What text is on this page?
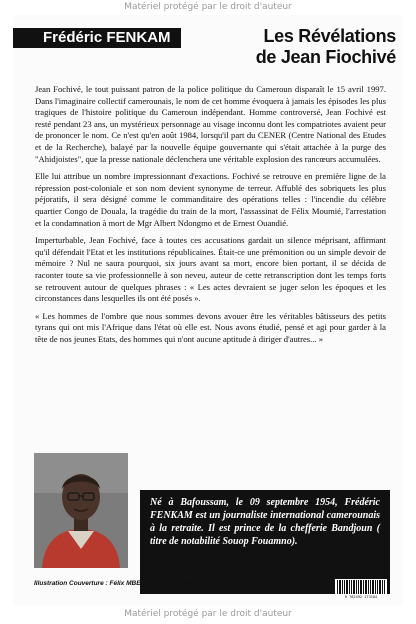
Matériel protégé par le droit d'auteur
Frédéric FENKAM	Les Révélations
de Jean Fiochivé

Jean Fochivé, le tout puissant patron de la police politique du Cameroun disparaît le 15 avril 1997. Dans l'imaginaire collectif camerounais, le nom de cet homme évoquera à jamais les épisodes les plus tragiques de l'histoire politique du Cameroun indépendant. Homme controversé, Jean Fochivé est resté pendant 23 ans, un mystérieux personnage au visage inconnu dont les compatriotes avaient peur de prononcer le nom. Ce n'est qu'en août 1984, lorsqu'il part du CENER (Centre National des Etudes et de la Recherche), balayé par la nouvelle équipe gouvernante qui s'était attachée à la purge des "Ahidjoistes", que la presse nationale déclenchera une véritable explosion des rancœurs accumulées.

Elle lui attribue un nombre impressionnant d'exactions. Fochivé se retrouve en première ligne de la répression post-coloniale et son nom devient synonyme de terreur. Affublé des sobriquets les plus péjoratifs, il sera désigné comme le commanditaire des opérations telles : l'incendie du célèbre quartier Congo de Douala, la tragédie du train de la mort, l'assassinat de Félix Moumié, l'arrestation et la condamnation à mort de Mgr Albert Ndongmo et de Ernest Ouandié.

Imperturbable, Jean Fochivé, face à toutes ces accusations gardait un silence méprisant, affirmant qu'il défendait l'Etat et les institutions républicaines. Était-ce une prémonition ou un simple devoir de mémoire ? Nul ne saura pourquoi, six jours avant sa mort, encore bien portant, il se décida de raconter toute sa vie professionnelle à son neveu, auteur de cette retranscription dont les temps forts se retrouvent autour de quelques phrases : « Les actes devraient se juger selon les époques et les circonstances dans lesquelles ils ont été posés ».

« Les hommes de l'ombre que nous sommes devons avouer être les véritables bâtisseurs des petits tyrans qui ont mis l'Afrique dans l'état où elle est. Nous avons étudié, pensé et agi pour garder à la tête de nos jeunes Etats, des hommes qui n'ont aucune aptitude à diriger d'autres... »

Né à Bafoussam, le 09 septembre 1954, Frédéric FENKAM est un journaliste international camerounais à la retraite. Il est prince de la chefferie Bandjoun ( titre de notabilité Souop Fouamno).
Illustration Couverture : Félix MBETBO & Dannystar
9 782492 173104
Matériel protégé par le droit d'auteur
